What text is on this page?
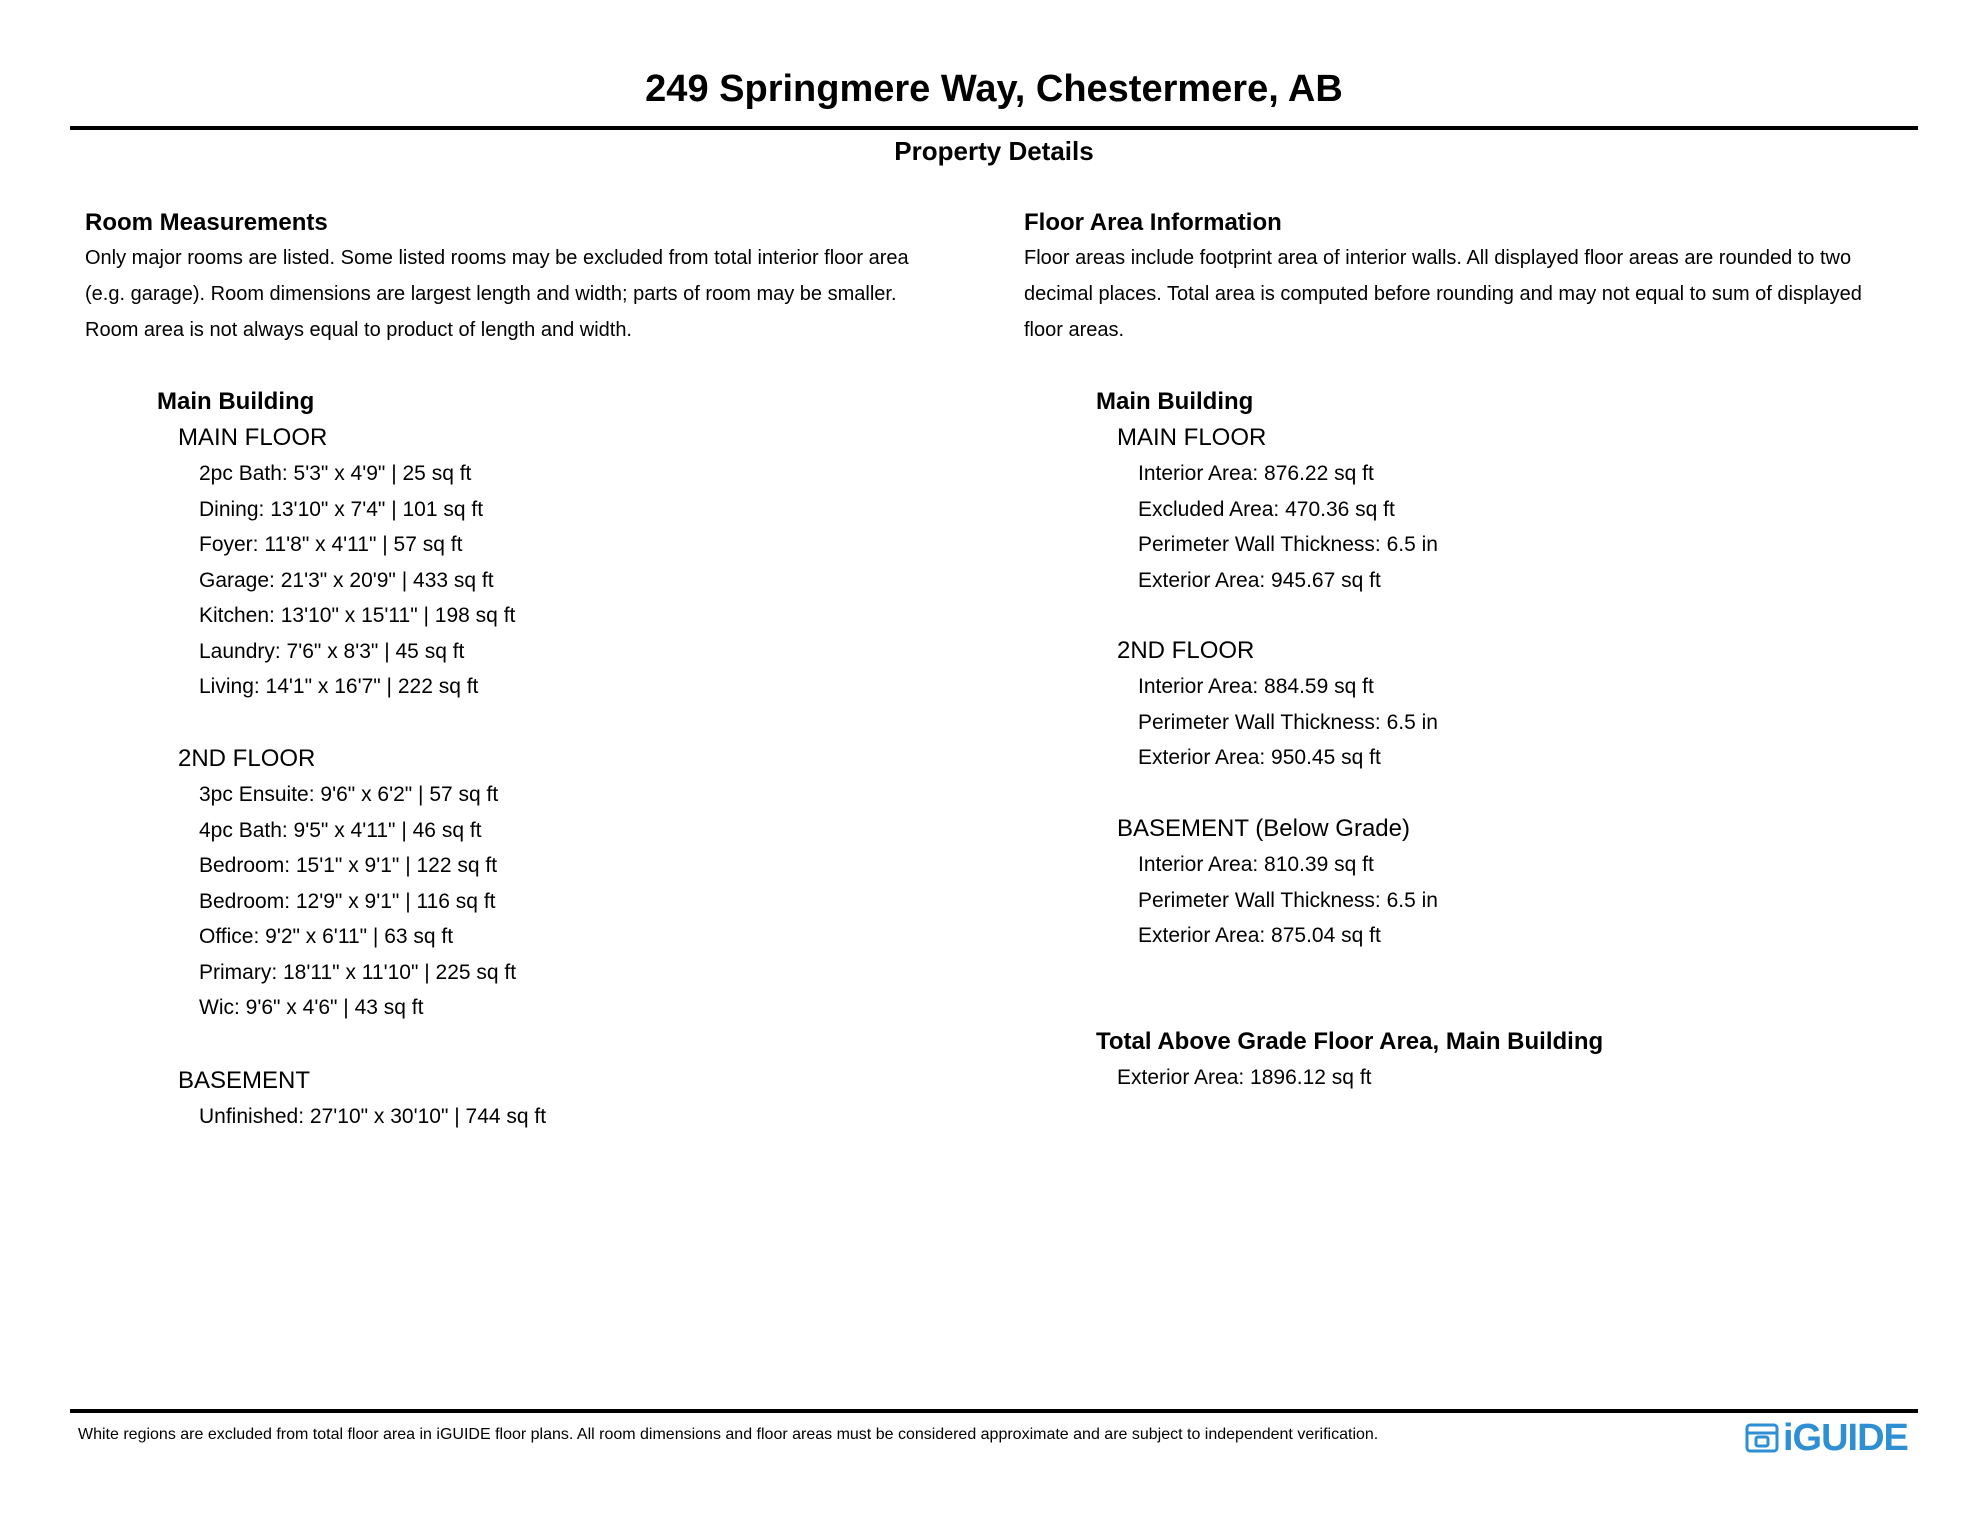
249 Springmere Way, Chestermere, AB
Property Details

Room Measurements

Only major rooms are listed. Some listed rooms may be excluded from total interior floor area

(e.g. garage). Room dimensions are largest length and width; parts of room may be smaller.

Room area is not always equal to product of length and width.

Main Building

MAIN FLOOR

2pc Bath: 5'3" x 4'9" | 25 sq ft
Dining: 13'10" x 7'4" | 101 sq ft
Foyer: 11'8" x 4'11" | 57 sq ft
Garage: 21'3" x 20'9" | 433 sq ft
Kitchen: 13'10" x 15'11" | 198 sq ft
Laundry: 7'6" x 8'3" | 45 sq ft
Living: 14'1" x 16'7" | 222 sq ft

2ND FLOOR

3pc Ensuite: 9'6" x 6'2" | 57 sq ft
4pc Bath: 9'5" x 4'11" | 46 sq ft
Bedroom: 15'1" x 9'1" | 122 sq ft
Bedroom: 12'9" x 9'1" | 116 sq ft
Office: 9'2" x 6'11" | 63 sq ft
Primary: 18'11" x 11'10" | 225 sq ft
Wic: 9'6" x 4'6" | 43 sq ft

BASEMENT

Unfinished: 27'10" x 30'10" | 744 sq ft

Floor Area Information

Floor areas include footprint area of interior walls. All displayed floor areas are rounded to two

decimal places. Total area is computed before rounding and may not equal to sum of displayed

floor areas.

Main Building

MAIN FLOOR

Interior Area: 876.22 sq ft
Excluded Area: 470.36 sq ft
Perimeter Wall Thickness: 6.5 in
Exterior Area: 945.67 sq ft

2ND FLOOR

Interior Area: 884.59 sq ft
Perimeter Wall Thickness: 6.5 in
Exterior Area: 950.45 sq ft

BASEMENT (Below Grade)

Interior Area: 810.39 sq ft
Perimeter Wall Thickness: 6.5 in
Exterior Area: 875.04 sq ft

Total Above Grade Floor Area, Main Building

Exterior Area: 1896.12 sq ft

White regions are excluded from total floor area in iGUIDE floor plans. All room dimensions and floor areas must be considered approximate and are subject to independent verification.	iGUIDE
